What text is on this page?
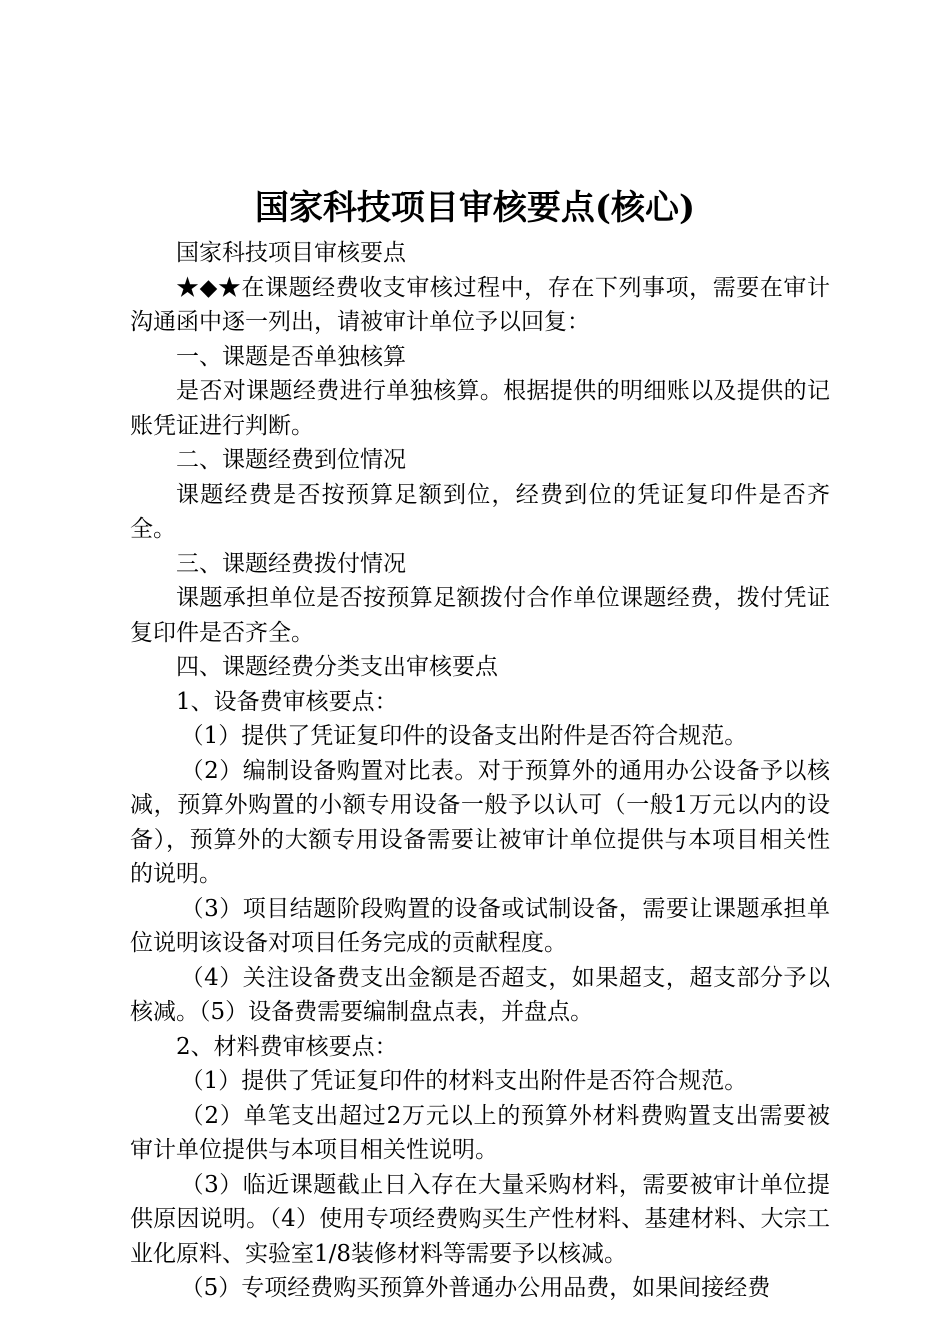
国家科技项目审核要点(核心)

国家科技项目审核要点

★◆★在课题经费收支审核过程中，存在下列事项，需要在审计沟通函中逐一列出，请被审计单位予以回复：

一、课题是否单独核算

是否对课题经费进行单独核算。根据提供的明细账以及提供的记账凭证进行判断。

二、课题经费到位情况

课题经费是否按预算足额到位，经费到位的凭证复印件是否齐全。

三、课题经费拨付情况

课题承担单位是否按预算足额拨付合作单位课题经费，拨付凭证复印件是否齐全。

四、课题经费分类支出审核要点

1、设备费审核要点：

（1）提供了凭证复印件的设备支出附件是否符合规范。

（2）编制设备购置对比表。对于预算外的通用办公设备予以核减，预算外购置的小额专用设备一般予以认可（一般1万元以内的设备），预算外的大额专用设备需要让被审计单位提供与本项目相关性的说明。

（3）项目结题阶段购置的设备或试制设备，需要让课题承担单位说明该设备对项目任务完成的贡献程度。

（4）关注设备费支出金额是否超支，如果超支，超支部分予以核减。（5）设备费需要编制盘点表，并盘点。

2、材料费审核要点：

（1）提供了凭证复印件的材料支出附件是否符合规范。

（2）单笔支出超过2万元以上的预算外材料费购置支出需要被审计单位提供与本项目相关性说明。

（3）临近课题截止日入存在大量采购材料，需要被审计单位提供原因说明。（4）使用专项经费购买生产性材料、基建材料、大宗工业化原料、实验室1/8装修材料等需要予以核减。

（5）专项经费购买预算外普通办公用品费，如果间接经费
